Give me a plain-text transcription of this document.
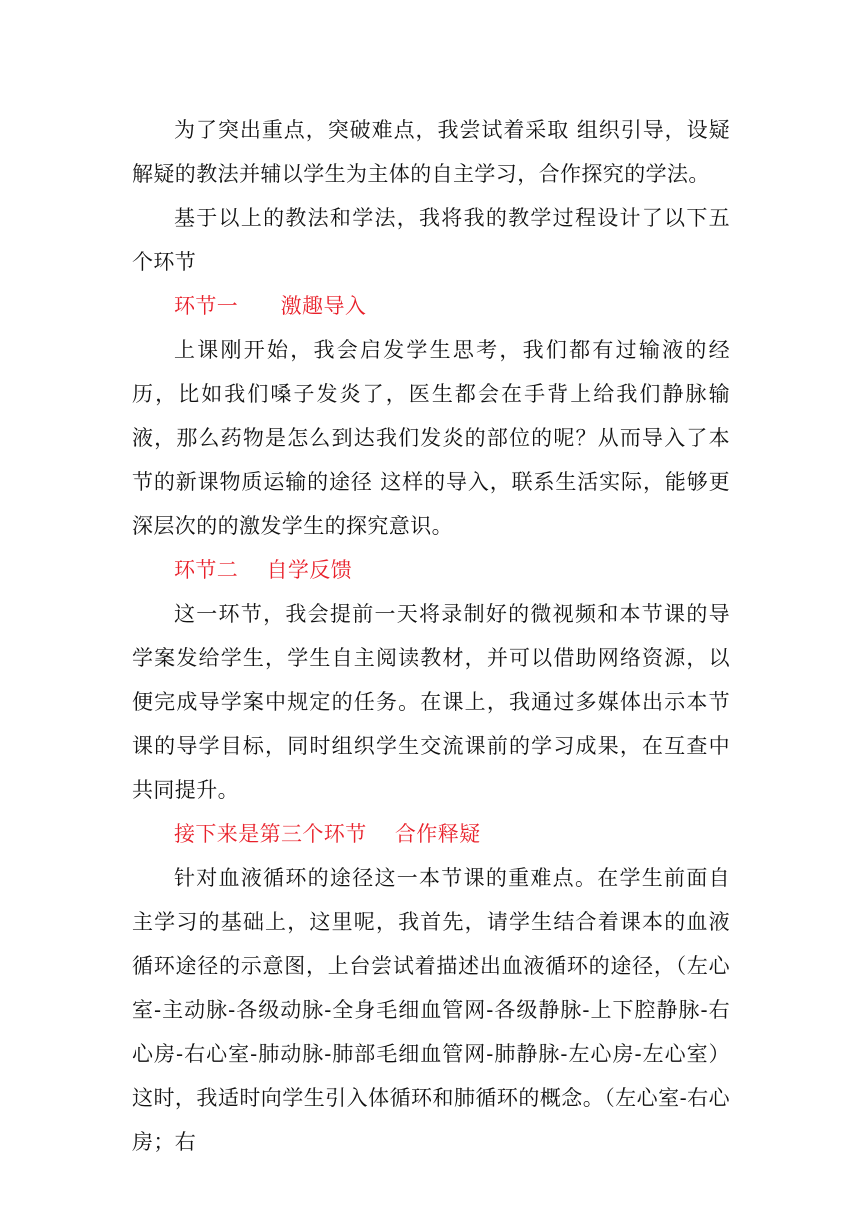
为了突出重点，突破难点，我尝试着采取 组织引导，设疑解疑的教法并辅以学生为主体的自主学习，合作探究的学法。

基于以上的教法和学法，我将我的教学过程设计了以下五个环节

环节一      激趣导入

上课刚开始，我会启发学生思考，我们都有过输液的经历，比如我们嗓子发炎了，医生都会在手背上给我们静脉输液，那么药物是怎么到达我们发炎的部位的呢？从而导入了本节的新课物质运输的途径 这样的导入，联系生活实际，能够更深层次的的激发学生的探究意识。

环节二    自学反馈

这一环节，我会提前一天将录制好的微视频和本节课的导学案发给学生，学生自主阅读教材，并可以借助网络资源，以便完成导学案中规定的任务。在课上，我通过多媒体出示本节课的导学目标，同时组织学生交流课前的学习成果，在互查中共同提升。

接下来是第三个环节    合作释疑

针对血液循环的途径这一本节课的重难点。在学生前面自主学习的基础上，这里呢，我首先，请学生结合着课本的血液循环途径的示意图，上台尝试着描述出血液循环的途径，（左心室-主动脉-各级动脉-全身毛细血管网-各级静脉-上下腔静脉-右心房-右心室-肺动脉-肺部毛细血管网-肺静脉-左心房-左心室）这时，我适时向学生引入体循环和肺循环的概念。（左心室-右心房；右
